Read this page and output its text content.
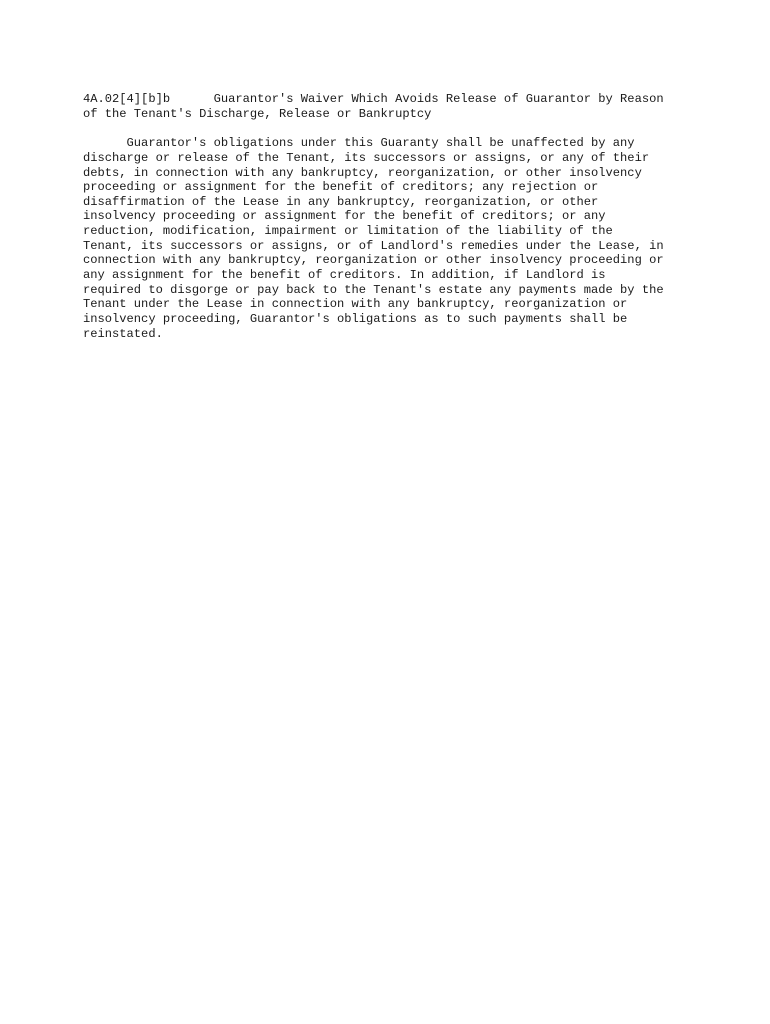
4A.02[4][b]b      Guarantor's Waiver Which Avoids Release of Guarantor by Reason
of the Tenant's Discharge, Release or Bankruptcy
Guarantor's obligations under this Guaranty shall be unaffected by any
discharge or release of the Tenant, its successors or assigns, or any of their
debts, in connection with any bankruptcy, reorganization, or other insolvency
proceeding or assignment for the benefit of creditors; any rejection or
disaffirmation of the Lease in any bankruptcy, reorganization, or other
insolvency proceeding or assignment for the benefit of creditors; or any
reduction, modification, impairment or limitation of the liability of the
Tenant, its successors or assigns, or of Landlord's remedies under the Lease, in
connection with any bankruptcy, reorganization or other insolvency proceeding or
any assignment for the benefit of creditors. In addition, if Landlord is
required to disgorge or pay back to the Tenant's estate any payments made by the
Tenant under the Lease in connection with any bankruptcy, reorganization or
insolvency proceeding, Guarantor's obligations as to such payments shall be
reinstated.
